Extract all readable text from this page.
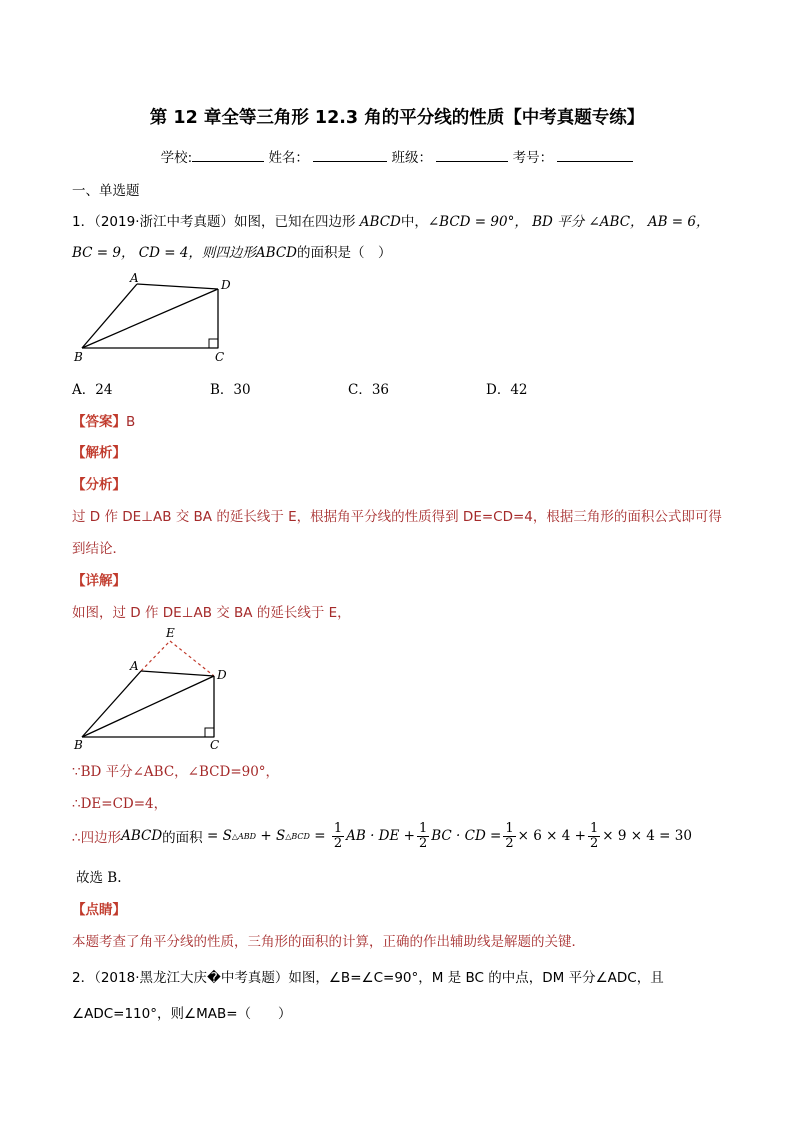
第 12 章全等三角形 12.3 角的平分线的性质【中考真题专练】
学校:	姓名：	班级：	考号：
一、单选题
1．（2019·浙江中考真题）如图，已知在四边形 ABCD中，∠BCD = 90°， BD 平分 ∠ABC， AB = 6，
BC = 9， CD = 4，则四边形ABCD的面积是（　）
A
B	C
D
A．24	B．30	C．36	D．42
【答案】B
【解析】
【分析】
过 D 作 DE⊥AB 交 BA 的延长线于 E，根据角平分线的性质得到 DE=CD=4，根据三角形的面积公式即可得
到结论．
【详解】
如图，过 D 作 DE⊥AB 交 BA 的延长线于 E，
E
A
B	C
D
∵BD 平分∠ABC，∠BCD=90°，
∴DE=CD=4，
∴四边形 ABCD 的面积 = S △ABD + S △BCD = $\frac{1}{2}$ AB · DE + $\frac{1}{2}$ BC · CD = $\frac{1}{2} \times 6 \times 4 + \frac{1}{2} \times 9 \times 4 = 30$
故选 B.
【点睛】
本题考查了角平分线的性质，三角形的面积的计算，正确的作出辅助线是解题的关键．
2．（2018·黑龙江大庆�中考真题）如图，∠B=∠C=90°，M 是 BC 的中点，DM 平分∠ADC，且
∠ADC=110°，则∠MAB=（　　）
